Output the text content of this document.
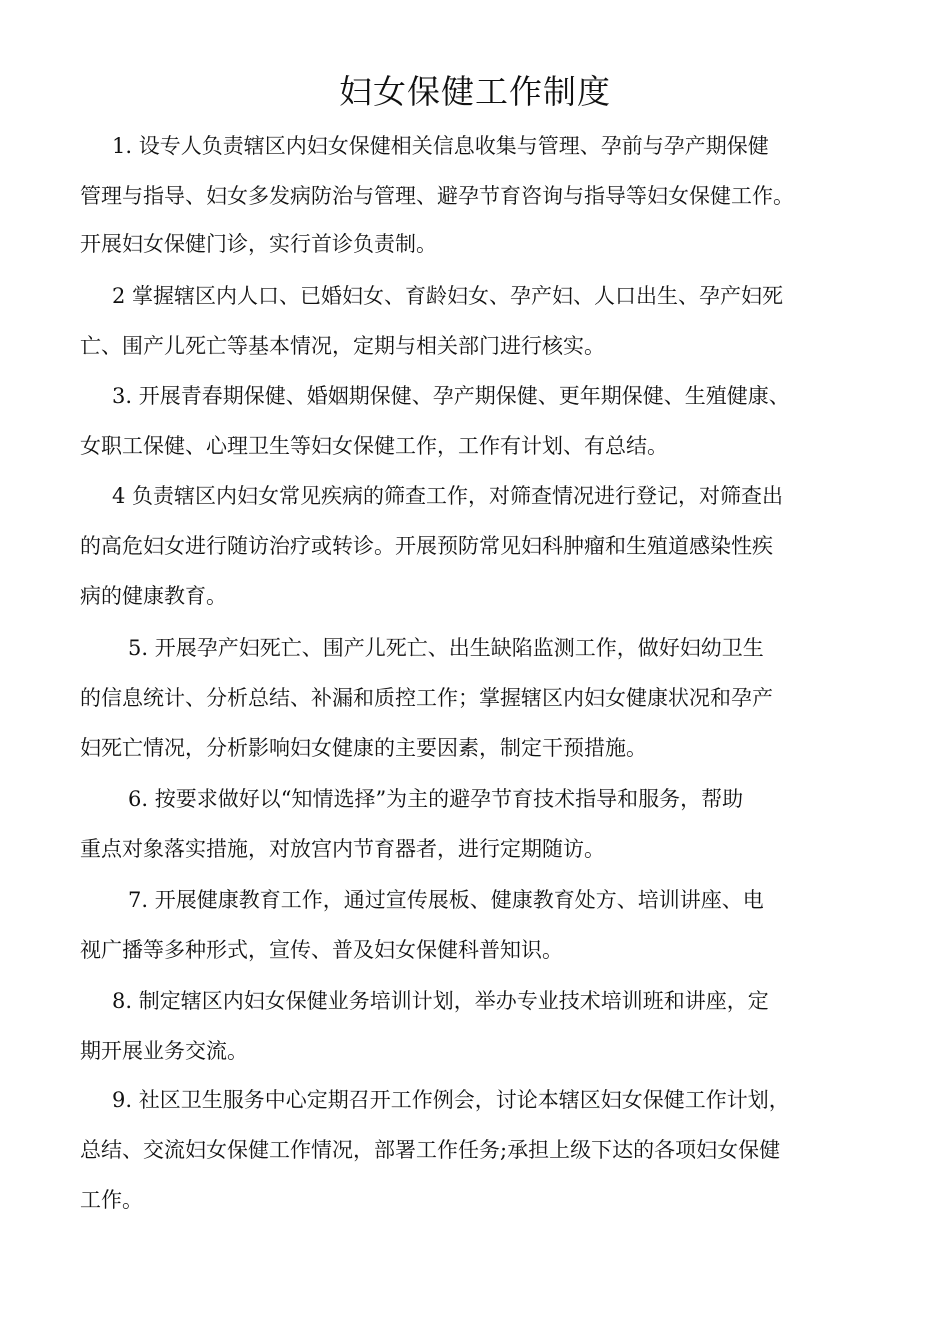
妇女保健工作制度
1. 设专人负责辖区内妇女保健相关信息收集与管理、孕前与孕产期保健
管理与指导、妇女多发病防治与管理、避孕节育咨询与指导等妇女保健工作。
开展妇女保健门诊，实行首诊负责制。
2 掌握辖区内人口、已婚妇女、育龄妇女、孕产妇、人口出生、孕产妇死
亡、围产儿死亡等基本情况，定期与相关部门进行核实。
3. 开展青春期保健、婚姻期保健、孕产期保健、更年期保健、生殖健康、
女职工保健、心理卫生等妇女保健工作，工作有计划、有总结。
4 负责辖区内妇女常见疾病的筛查工作，对筛查情况进行登记，对筛查出
的高危妇女进行随访治疗或转诊。开展预防常见妇科肿瘤和生殖道感染性疾
病的健康教育。
5. 开展孕产妇死亡、围产儿死亡、出生缺陷监测工作，做好妇幼卫生
的信息统计、分析总结、补漏和质控工作；掌握辖区内妇女健康状况和孕产
妇死亡情况，分析影响妇女健康的主要因素，制定干预措施。
6. 按要求做好以“知情选择”为主的避孕节育技术指导和服务，帮助
重点对象落实措施，对放宫内节育器者，进行定期随访。
7. 开展健康教育工作，通过宣传展板、健康教育处方、培训讲座、电
视广播等多种形式，宣传、普及妇女保健科普知识。
8. 制定辖区内妇女保健业务培训计划，举办专业技术培训班和讲座，定
期开展业务交流。
9. 社区卫生服务中心定期召开工作例会，讨论本辖区妇女保健工作计划，
总结、交流妇女保健工作情况，部署工作任务;承担上级下达的各项妇女保健
工作。
